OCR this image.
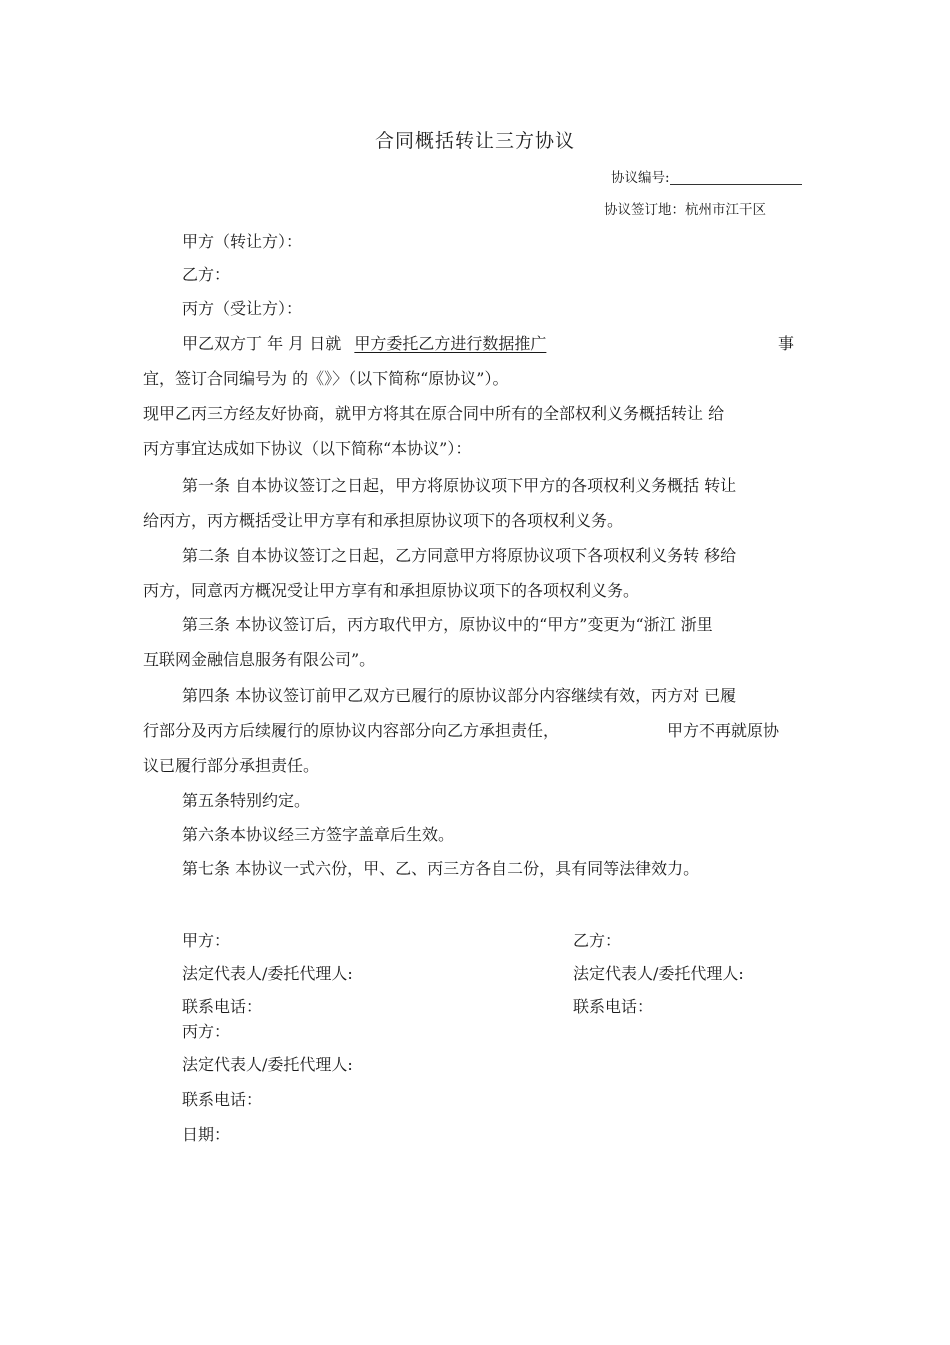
合同概括转让三方协议
协议编号:
协议签订地：杭州市江干区
甲方（转让方）：
乙方：
丙方（受让方）：
甲乙双方丁 年 月 日就 甲方委托乙方进行数据推广	事
宜，签订合同编号为 的《》〉（以下简称“原协议”）。
现甲乙丙三方经友好协商，就甲方将其在原合同中所有的全部权利义务概括转让 给
丙方事宜达成如下协议（以下简称“本协议”）：
第一条 自本协议签订之日起，甲方将原协议项下甲方的各项权利义务概括 转让
给丙方，丙方概括受让甲方享有和承担原协议项下的各项权利义务。
第二条 自本协议签订之日起，乙方同意甲方将原协议项下各项权利义务转 移给
丙方，同意丙方概况受让甲方享有和承担原协议项下的各项权利义务。
第三条 本协议签订后，丙方取代甲方，原协议中的“甲方”变更为“浙江 浙里
互联网金融信息服务有限公司”。
第四条 本协议签订前甲乙双方已履行的原协议部分内容继续有效，丙方对 已履
行部分及丙方后续履行的原协议内容部分向乙方承担责任，	甲方不再就原协
议已履行部分承担责任。
第五条特别约定。
第六条本协议经三方签字盖章后生效。
第七条 本协议一式六份，甲、乙、丙三方各自二份，具有同等法律效力。
甲方：
法定代表人/委托代理人:
联系电话：
乙方：
法定代表人/委托代理人:
联系电话：
丙方：
法定代表人/委托代理人:
联系电话：
日期：
